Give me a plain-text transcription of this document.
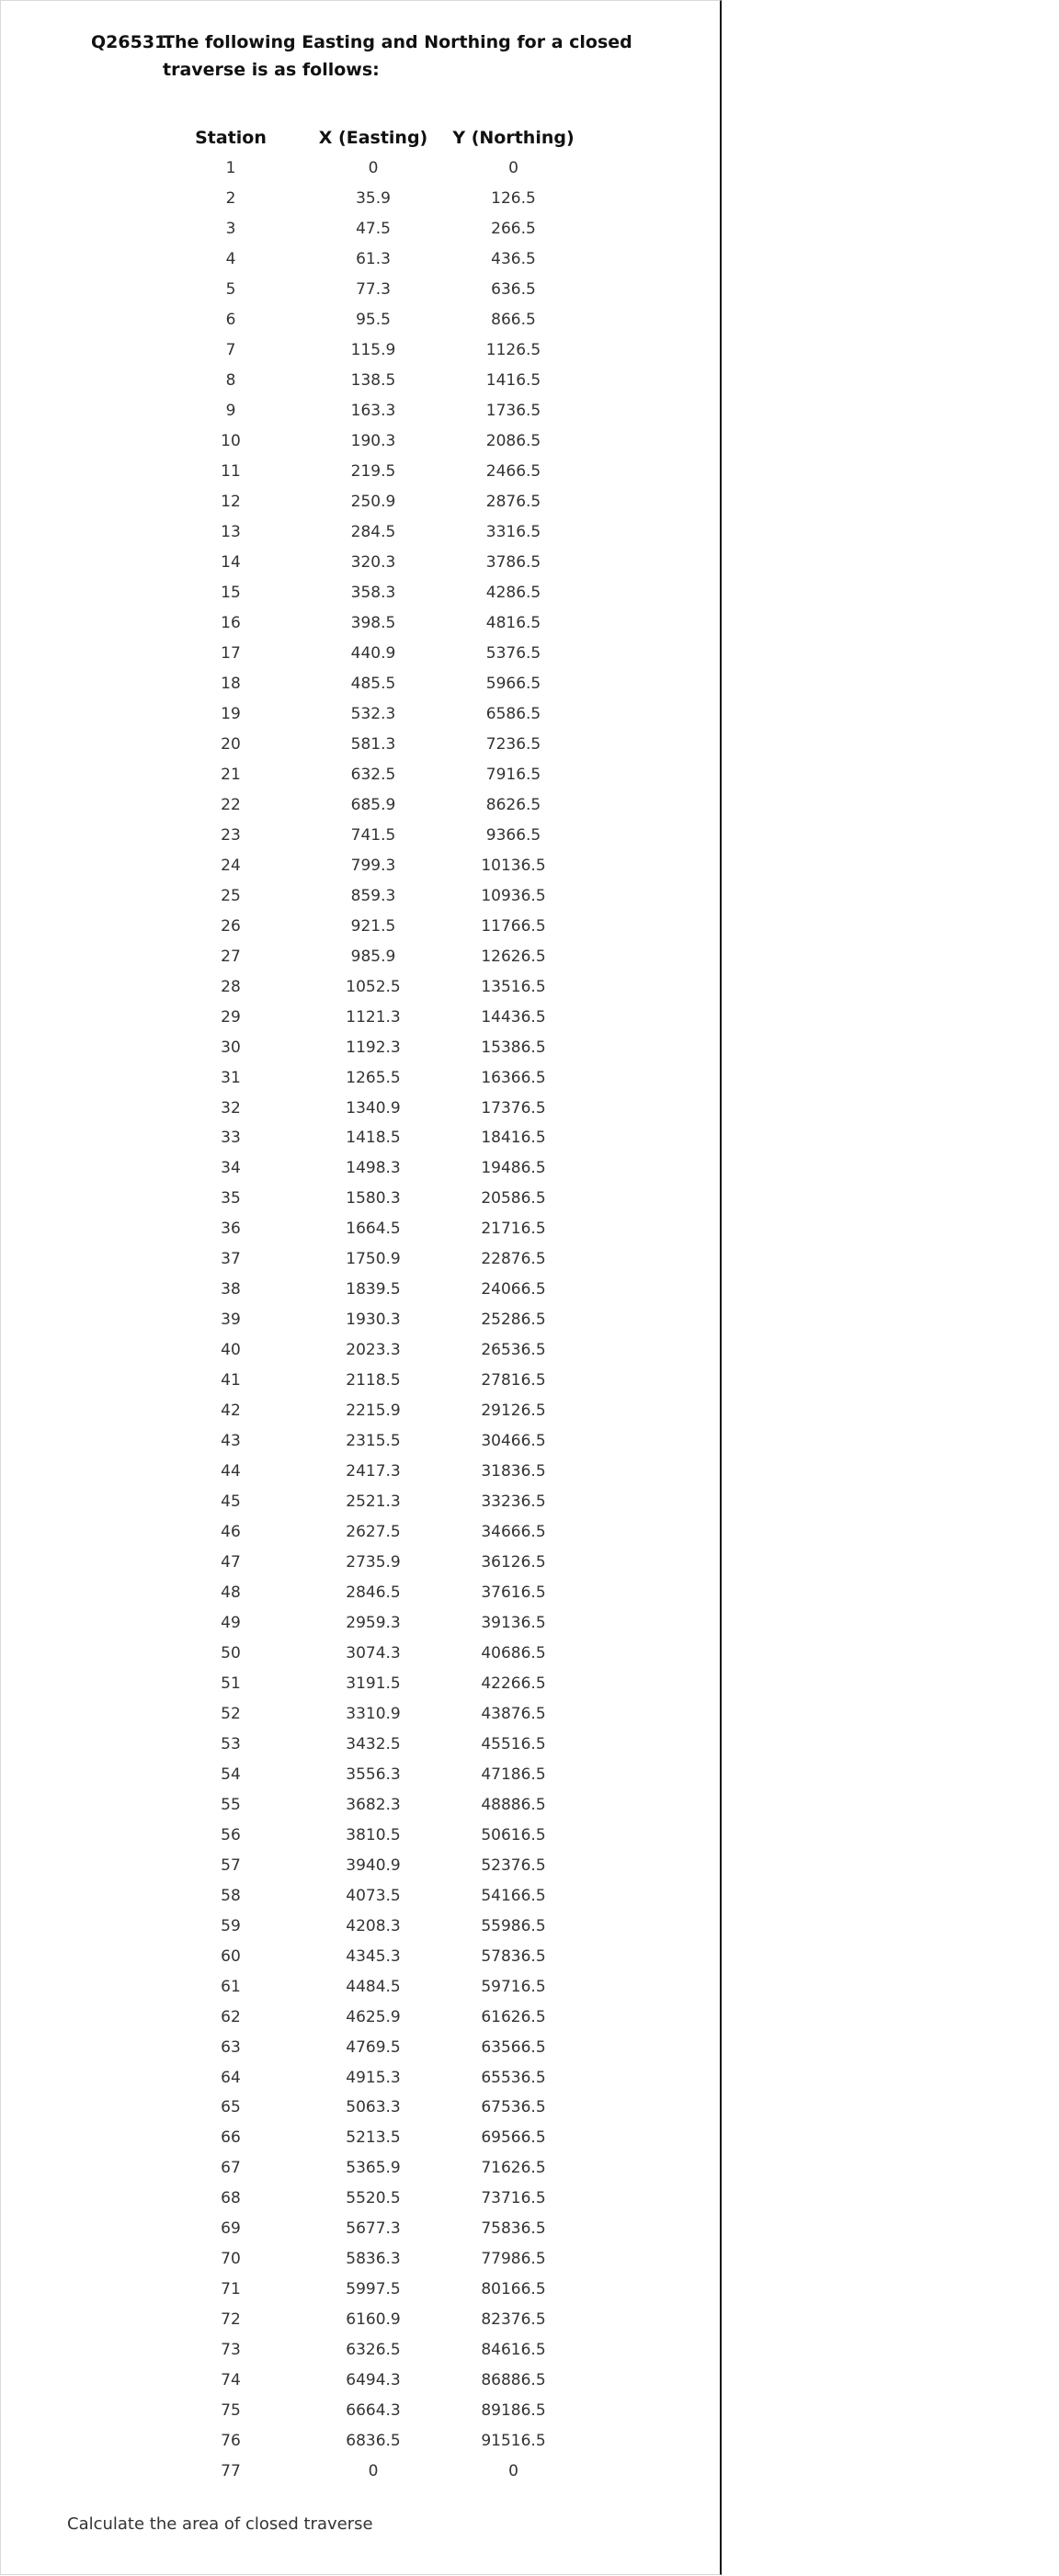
Q26531.
The following Easting and Northing for a closed traverse is as follows:
Station	X (Easting)	Y (Northing)
1	0	0
2	35.9	126.5
3	47.5	266.5
4	61.3	436.5
5	77.3	636.5
6	95.5	866.5
7	115.9	1126.5
8	138.5	1416.5
9	163.3	1736.5
10	190.3	2086.5
11	219.5	2466.5
12	250.9	2876.5
13	284.5	3316.5
14	320.3	3786.5
15	358.3	4286.5
16	398.5	4816.5
17	440.9	5376.5
18	485.5	5966.5
19	532.3	6586.5
20	581.3	7236.5
21	632.5	7916.5
22	685.9	8626.5
23	741.5	9366.5
24	799.3	10136.5
25	859.3	10936.5
26	921.5	11766.5
27	985.9	12626.5
28	1052.5	13516.5
29	1121.3	14436.5
30	1192.3	15386.5
31	1265.5	16366.5
32	1340.9	17376.5
33	1418.5	18416.5
34	1498.3	19486.5
35	1580.3	20586.5
36	1664.5	21716.5
37	1750.9	22876.5
38	1839.5	24066.5
39	1930.3	25286.5
40	2023.3	26536.5
41	2118.5	27816.5
42	2215.9	29126.5
43	2315.5	30466.5
44	2417.3	31836.5
45	2521.3	33236.5
46	2627.5	34666.5
47	2735.9	36126.5
48	2846.5	37616.5
49	2959.3	39136.5
50	3074.3	40686.5
51	3191.5	42266.5
52	3310.9	43876.5
53	3432.5	45516.5
54	3556.3	47186.5
55	3682.3	48886.5
56	3810.5	50616.5
57	3940.9	52376.5
58	4073.5	54166.5
59	4208.3	55986.5
60	4345.3	57836.5
61	4484.5	59716.5
62	4625.9	61626.5
63	4769.5	63566.5
64	4915.3	65536.5
65	5063.3	67536.5
66	5213.5	69566.5
67	5365.9	71626.5
68	5520.5	73716.5
69	5677.3	75836.5
70	5836.3	77986.5
71	5997.5	80166.5
72	6160.9	82376.5
73	6326.5	84616.5
74	6494.3	86886.5
75	6664.3	89186.5
76	6836.5	91516.5
77	0	0
Calculate the area of closed traverse
